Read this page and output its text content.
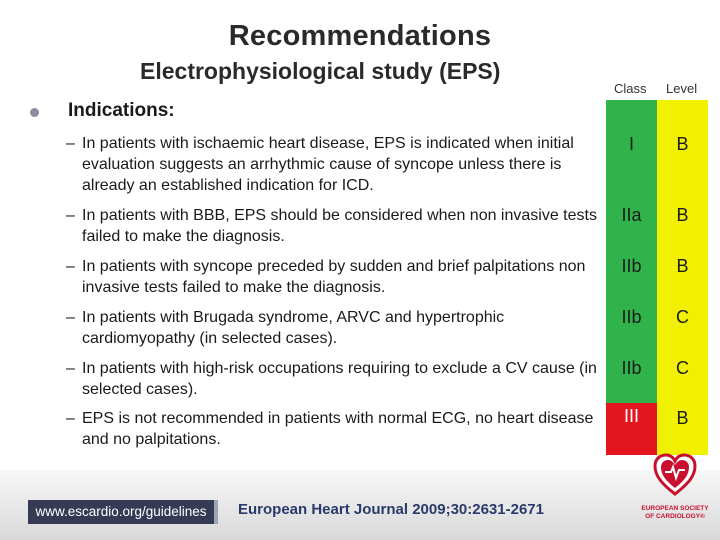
Recommendations
Electrophysiological study (EPS)
Class Level
Indications:
– In patients with ischaemic heart disease, EPS is indicated when initial evaluation suggests an arrhythmic cause of syncope unless there is already an established indication for ICD.
I	B
– In patients with BBB, EPS should be considered when non invasive tests failed to make the diagnosis.
IIa	B
– In patients with syncope preceded by sudden and brief palpitations non invasive tests failed to make the diagnosis.
IIb	B
– In patients with Brugada syndrome, ARVC and hypertrophic cardiomyopathy (in selected cases).
IIb	C
– In patients with high-risk occupations requiring to exclude a CV cause (in selected cases).
IIb	C
– EPS is not recommended in patients with normal ECG, no heart disease and no palpitations.
III	B
www.escardio.org/guidelines	European Heart Journal 2009;30:2631-2671	EUROPEAN SOCIETY OF CARDIOLOGY®
